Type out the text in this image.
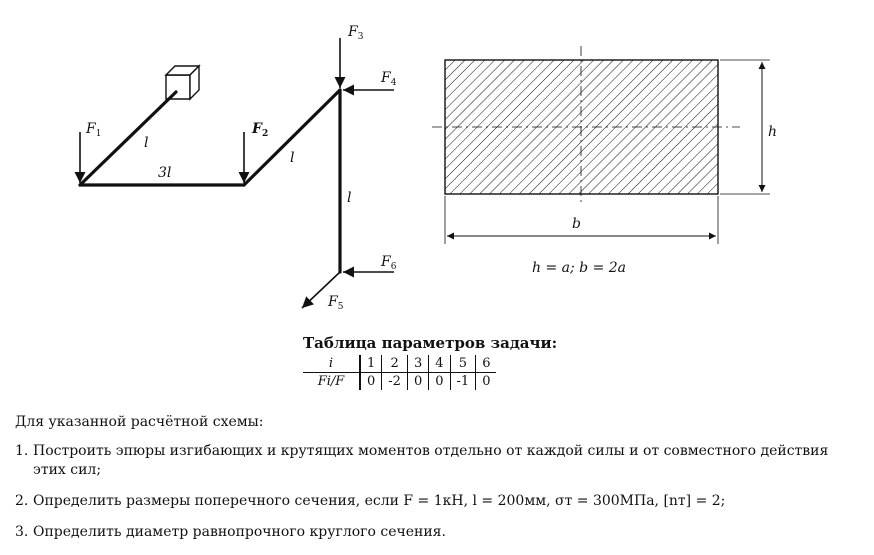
$F_1$	$F_2$
$F_3$
$F_4$
$F_6$
$F_5$
l
3l
l
l
h
b
h = a; b = 2a
Таблица параметров задачи:
i	1	2	3	4	5	6
Fi/F	0	-2	0	0	-1	0
Для указанной расчётной схемы:
1. Построить эпюры изгибающих и крутящих моментов отдельно от каждой силы и от совместного действия этих сил;
2. Определить размеры поперечного сечения, если F = 1кН, l = 200мм, σт = 300МПа, [nт] = 2;
3. Определить диаметр равнопрочного круглого сечения.
